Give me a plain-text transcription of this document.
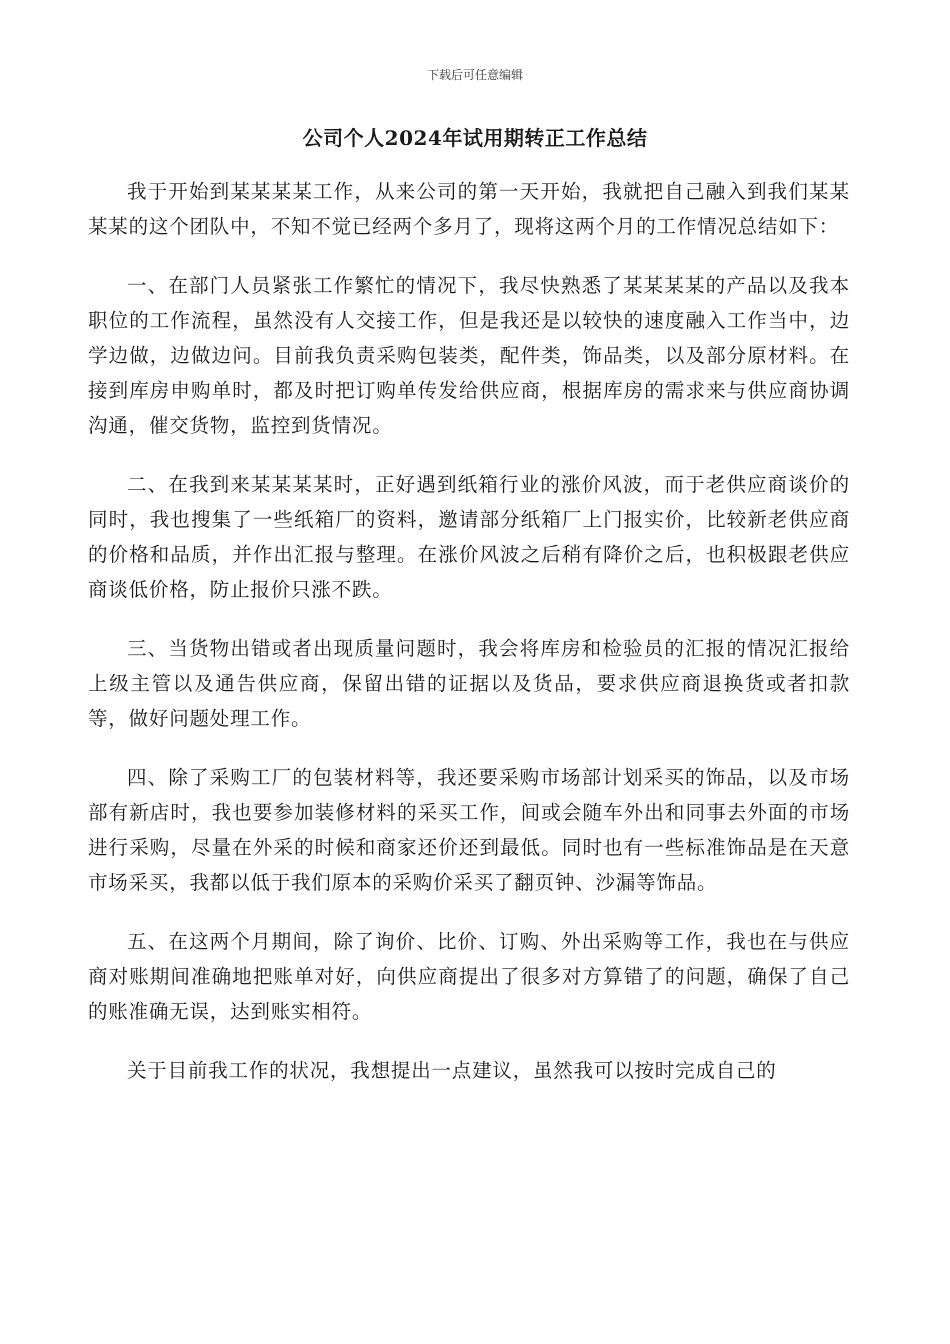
下载后可任意编辑
公司个人2024年试用期转正工作总结

我于开始到某某某某工作，从来公司的第一天开始，我就把自己融入到我们某某某某的这个团队中，不知不觉已经两个多月了，现将这两个月的工作情况总结如下：

一、在部门人员紧张工作繁忙的情况下，我尽快熟悉了某某某某的产品以及我本职位的工作流程，虽然没有人交接工作，但是我还是以较快的速度融入工作当中，边学边做，边做边问。目前我负责采购包装类，配件类，饰品类，以及部分原材料。在接到库房申购单时，都及时把订购单传发给供应商，根据库房的需求来与供应商协调沟通，催交货物，监控到货情况。

二、在我到来某某某某时，正好遇到纸箱行业的涨价风波，而于老供应商谈价的同时，我也搜集了一些纸箱厂的资料，邀请部分纸箱厂上门报实价，比较新老供应商的价格和品质，并作出汇报与整理。在涨价风波之后稍有降价之后，也积极跟老供应商谈低价格，防止报价只涨不跌。

三、当货物出错或者出现质量问题时，我会将库房和检验员的汇报的情况汇报给上级主管以及通告供应商，保留出错的证据以及货品，要求供应商退换货或者扣款等，做好问题处理工作。

四、除了采购工厂的包装材料等，我还要采购市场部计划采买的饰品，以及市场部有新店时，我也要参加装修材料的采买工作，间或会随车外出和同事去外面的市场进行采购，尽量在外采的时候和商家还价还到最低。同时也有一些标准饰品是在天意市场采买，我都以低于我们原本的采购价采买了翻页钟、沙漏等饰品。

五、在这两个月期间，除了询价、比价、订购、外出采购等工作，我也在与供应商对账期间准确地把账单对好，向供应商提出了很多对方算错了的问题，确保了自己的账准确无误，达到账实相符。

关于目前我工作的状况，我想提出一点建议，虽然我可以按时完成自己的
